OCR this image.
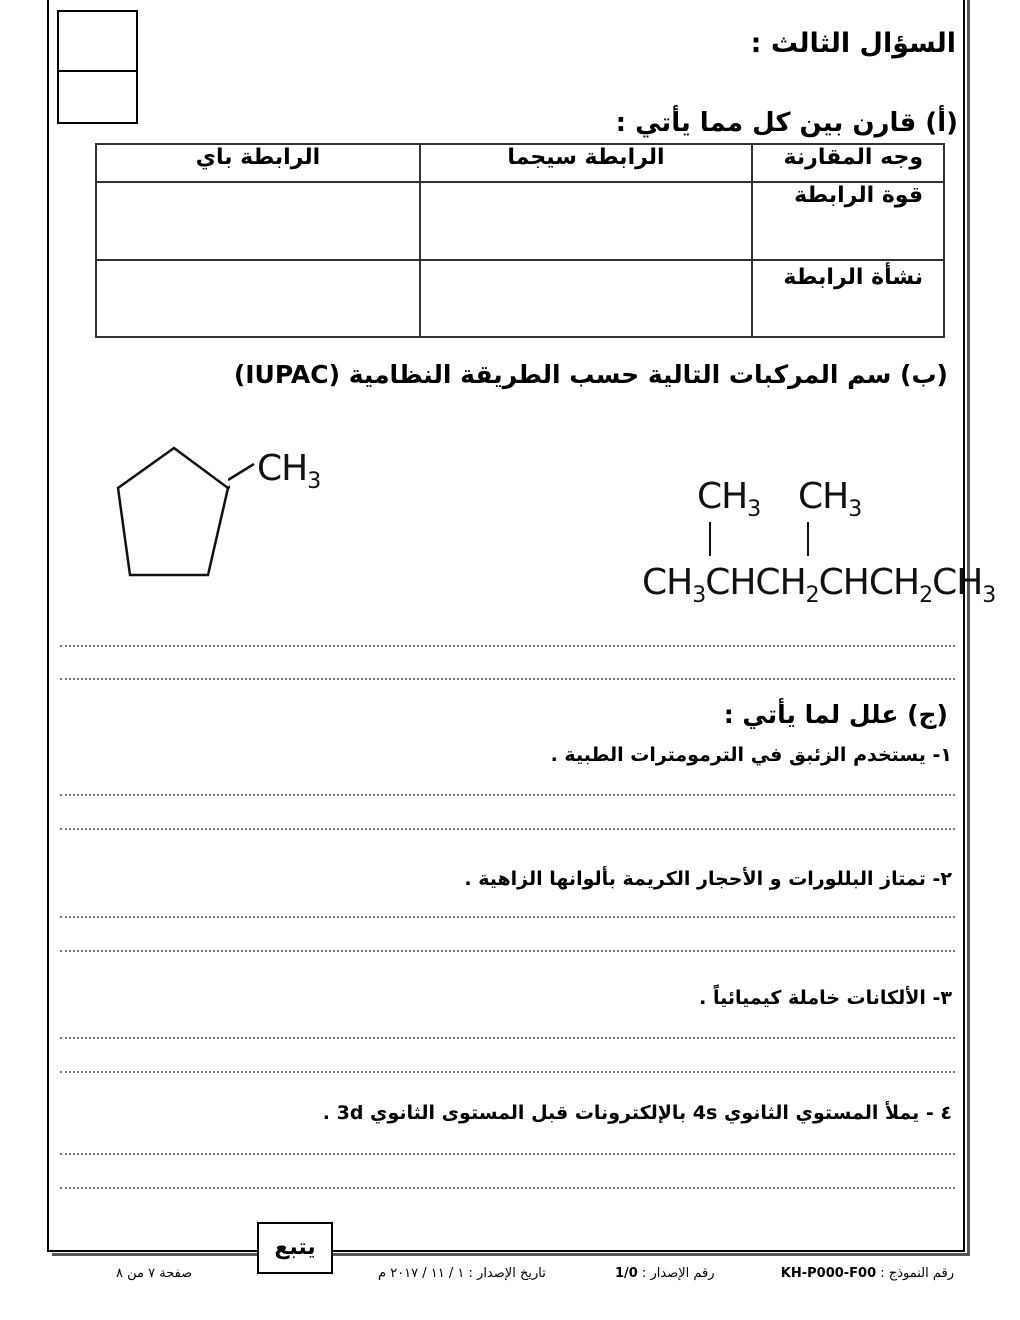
السؤال الثالث :
(أ) قارن بين كل مما يأتي :
وجه المقارنة	الرابطة سيجما	الرابطة باي
قوة الرابطة		
نشأة الرابطة		
(ب) سم المركبات التالية حسب الطريقة النظامية (IUPAC)
$CH_3$	$CH_3$ $CH_3$
$CH_3CHCH_2CHCH_2CH_3$
(ج) علل لما يأتي :
١- يستخدم الزئبق في الترمومترات الطبية .
٢- تمتاز البللورات و الأحجار الكريمة بألوانها الزاهية .
٣- الألكانات خاملة كيميائياً .
٤ - يملأ المستوي الثانوي 4s بالإلكترونات قبل المستوى الثانوي 3d .
يتبع
رقم النموذج : KH-P000-F00
رقم الإصدار : 1/0
تاريخ الإصدار : ١ / ١١ / ٢٠١٧ م
صفحة ٧ من ٨
